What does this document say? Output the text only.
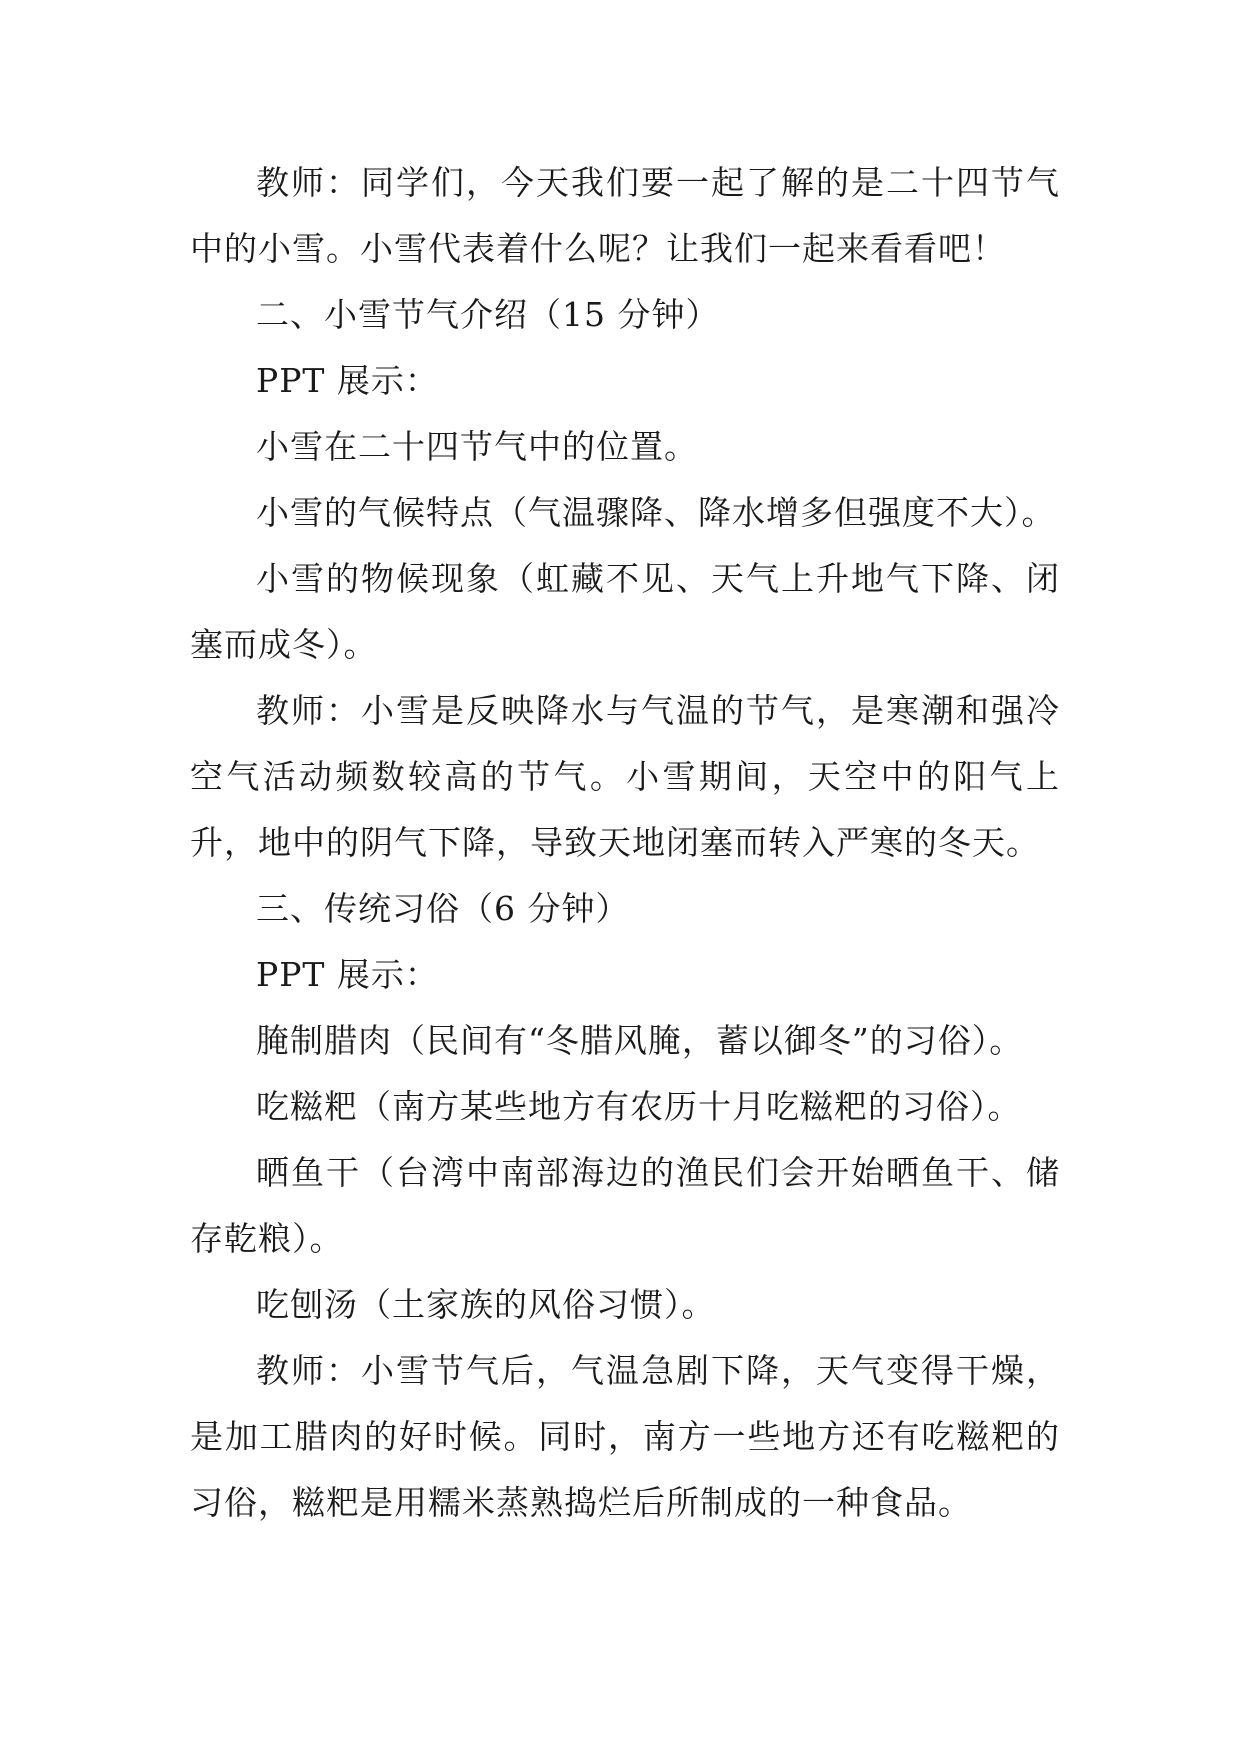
教师：同学们，今天我们要一起了解的是二十四节气中的小雪。小雪代表着什么呢？让我们一起来看看吧！

二、小雪节气介绍（15 分钟）

PPT 展示：

小雪在二十四节气中的位置。

小雪的气候特点（气温骤降、降水增多但强度不大）。

小雪的物候现象（虹藏不见、天气上升地气下降、闭塞而成冬）。

教师：小雪是反映降水与气温的节气，是寒潮和强冷空气活动频数较高的节气。小雪期间，天空中的阳气上升，地中的阴气下降，导致天地闭塞而转入严寒的冬天。

三、传统习俗（6 分钟）

PPT 展示：

腌制腊肉（民间有“冬腊风腌，蓄以御冬”的习俗）。

吃糍粑（南方某些地方有农历十月吃糍粑的习俗）。

晒鱼干（台湾中南部海边的渔民们会开始晒鱼干、储存乾粮）。

吃刨汤（土家族的风俗习惯）。

教师：小雪节气后，气温急剧下降，天气变得干燥，是加工腊肉的好时候。同时，南方一些地方还有吃糍粑的习俗，糍粑是用糯米蒸熟捣烂后所制成的一种食品。
